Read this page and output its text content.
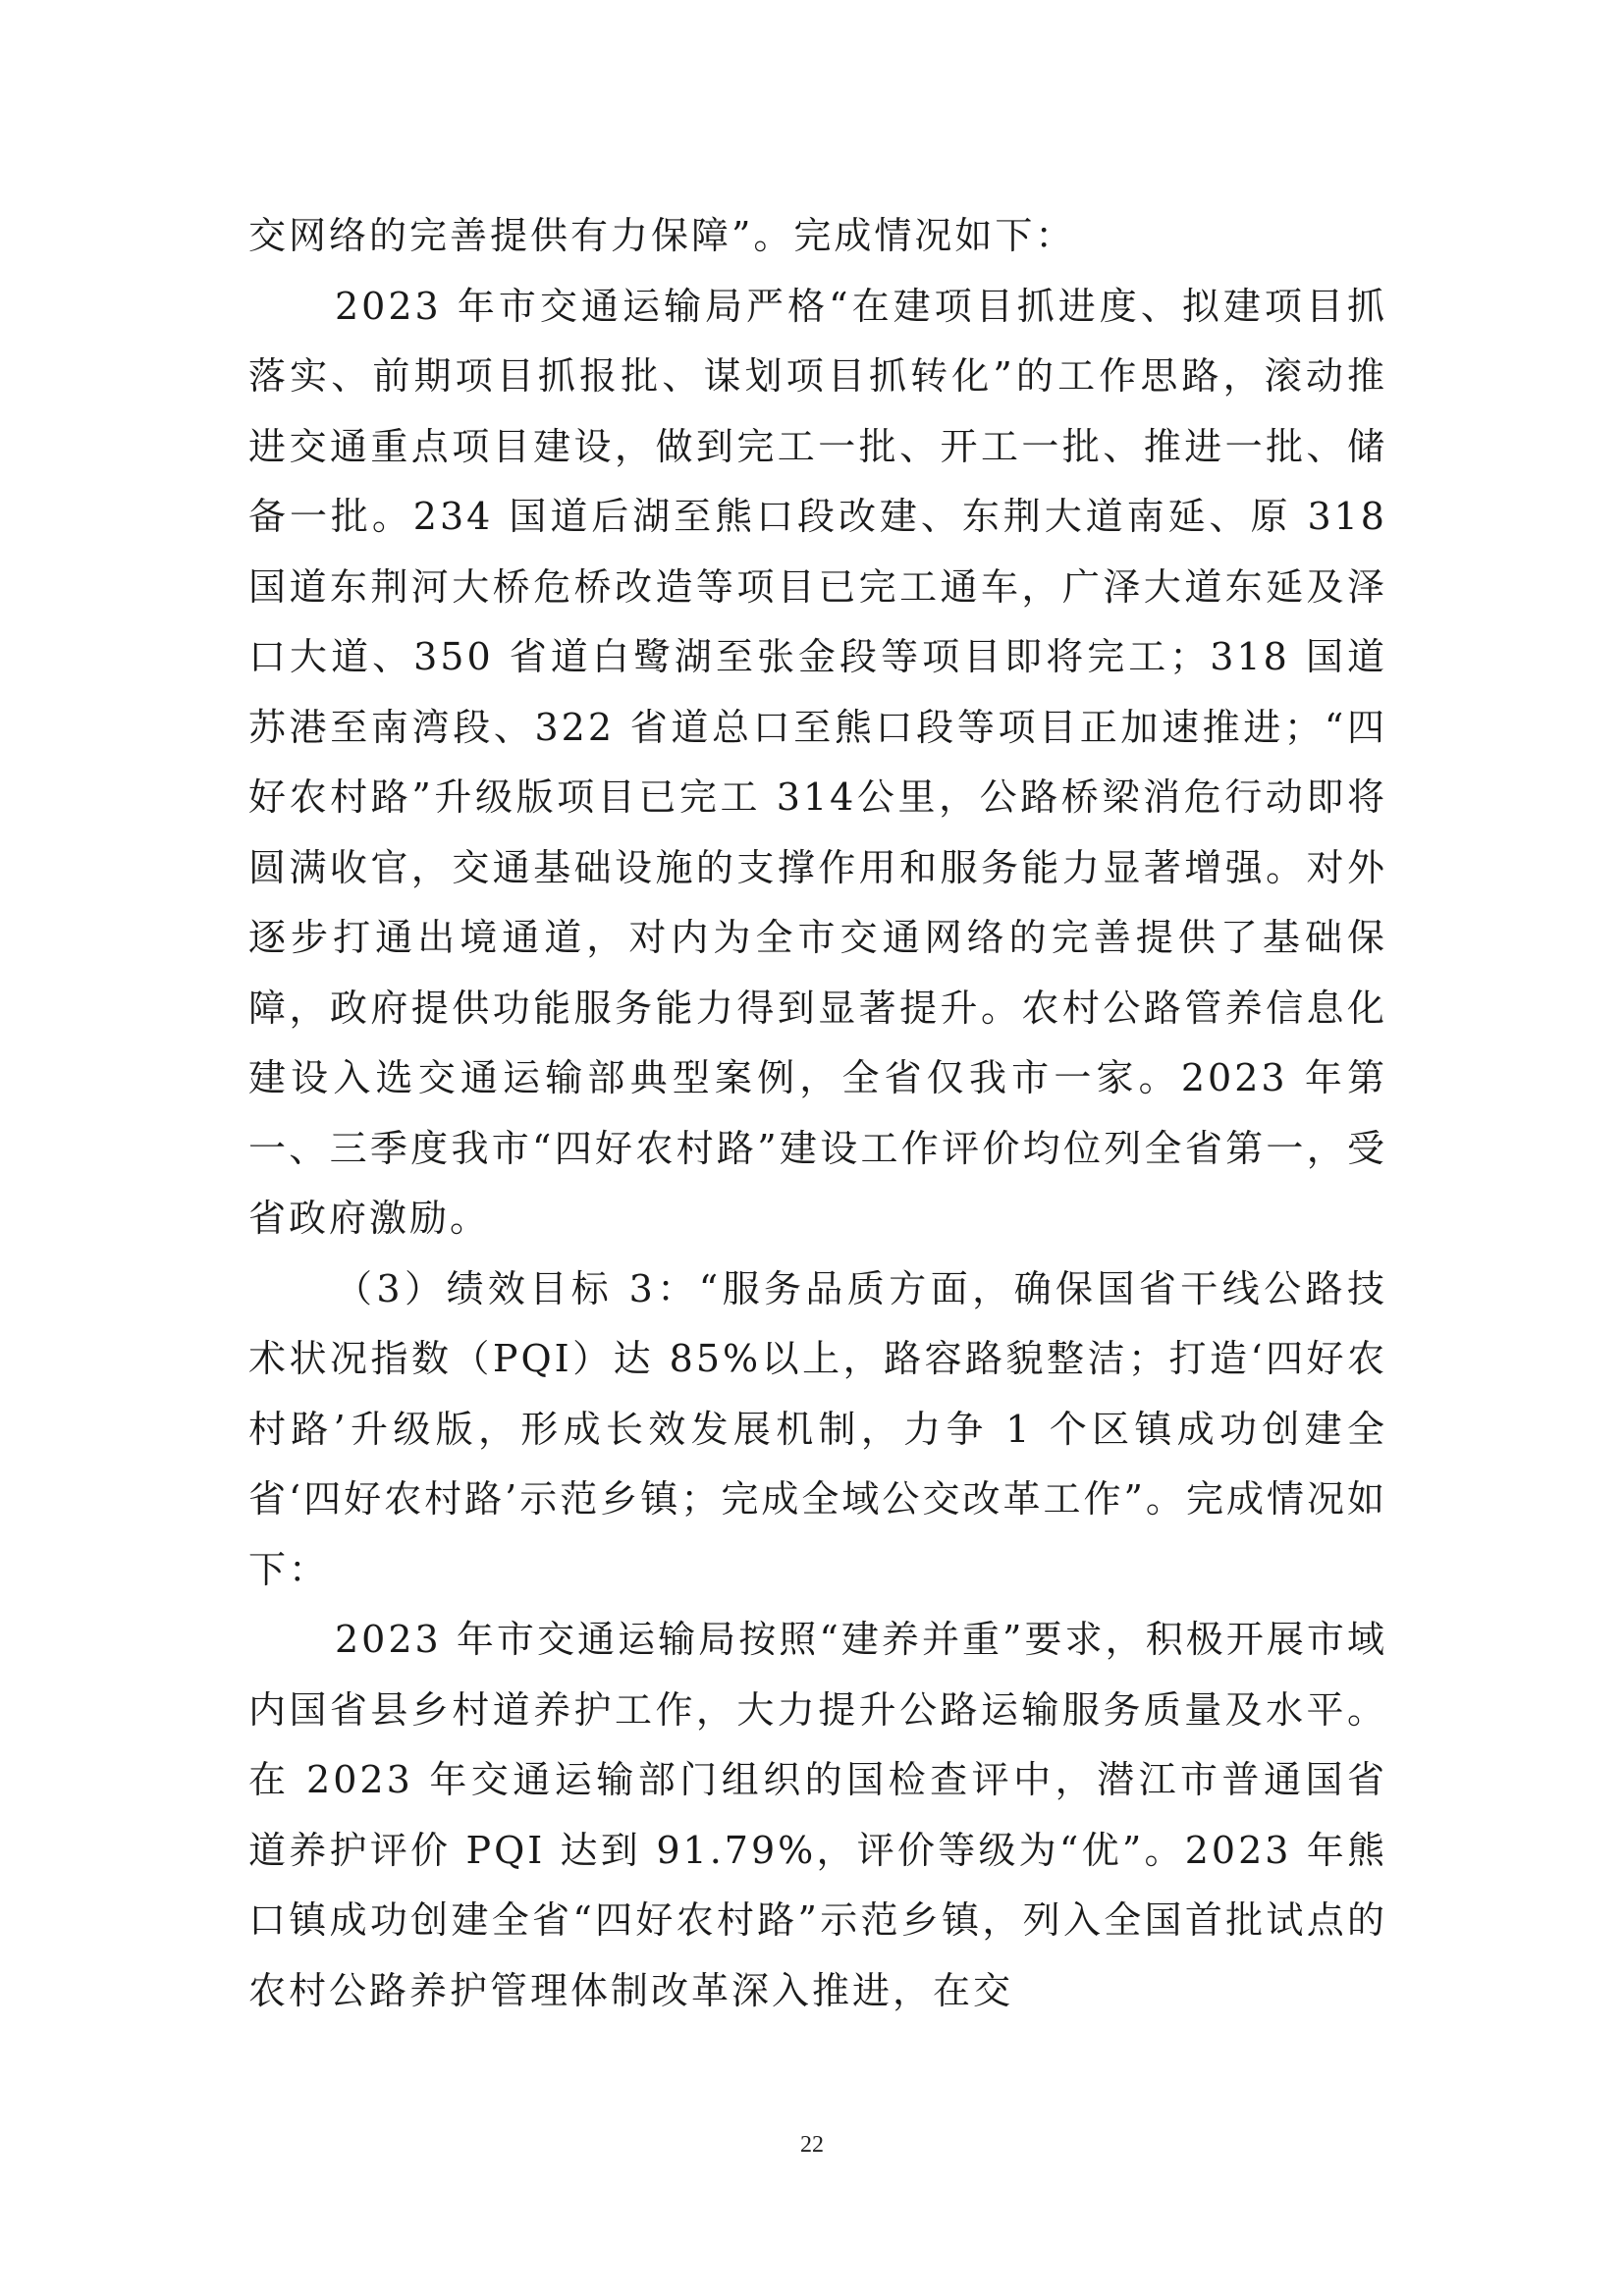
交网络的完善提供有力保障”。完成情况如下：

2023 年市交通运输局严格“在建项目抓进度、拟建项目抓落实、前期项目抓报批、谋划项目抓转化”的工作思路，滚动推进交通重点项目建设，做到完工一批、开工一批、推进一批、储备一批。234 国道后湖至熊口段改建、东荆大道南延、原 318 国道东荆河大桥危桥改造等项目已完工通车，广泽大道东延及泽口大道、350 省道白鹭湖至张金段等项目即将完工；318 国道苏港至南湾段、322 省道总口至熊口段等项目正加速推进；“四好农村路”升级版项目已完工 314公里，公路桥梁消危行动即将圆满收官，交通基础设施的支撑作用和服务能力显著增强。对外逐步打通出境通道，对内为全市交通网络的完善提供了基础保障，政府提供功能服务能力得到显著提升。农村公路管养信息化建设入选交通运输部典型案例，全省仅我市一家。2023 年第一、三季度我市“四好农村路”建设工作评价均位列全省第一，受省政府激励。

（3）绩效目标 3：“服务品质方面，确保国省干线公路技术状况指数（PQI）达 85%以上，路容路貌整洁；打造‘四好农村路’升级版，形成长效发展机制，力争 1 个区镇成功创建全省‘四好农村路’示范乡镇；完成全域公交改革工作”。完成情况如下：

2023 年市交通运输局按照“建养并重”要求，积极开展市域内国省县乡村道养护工作，大力提升公路运输服务质量及水平。在 2023 年交通运输部门组织的国检查评中，潜江市普通国省道养护评价 PQI 达到 91.79%，评价等级为“优”。2023 年熊口镇成功创建全省“四好农村路”示范乡镇，列入全国首批试点的农村公路养护管理体制改革深入推进，在交

22
